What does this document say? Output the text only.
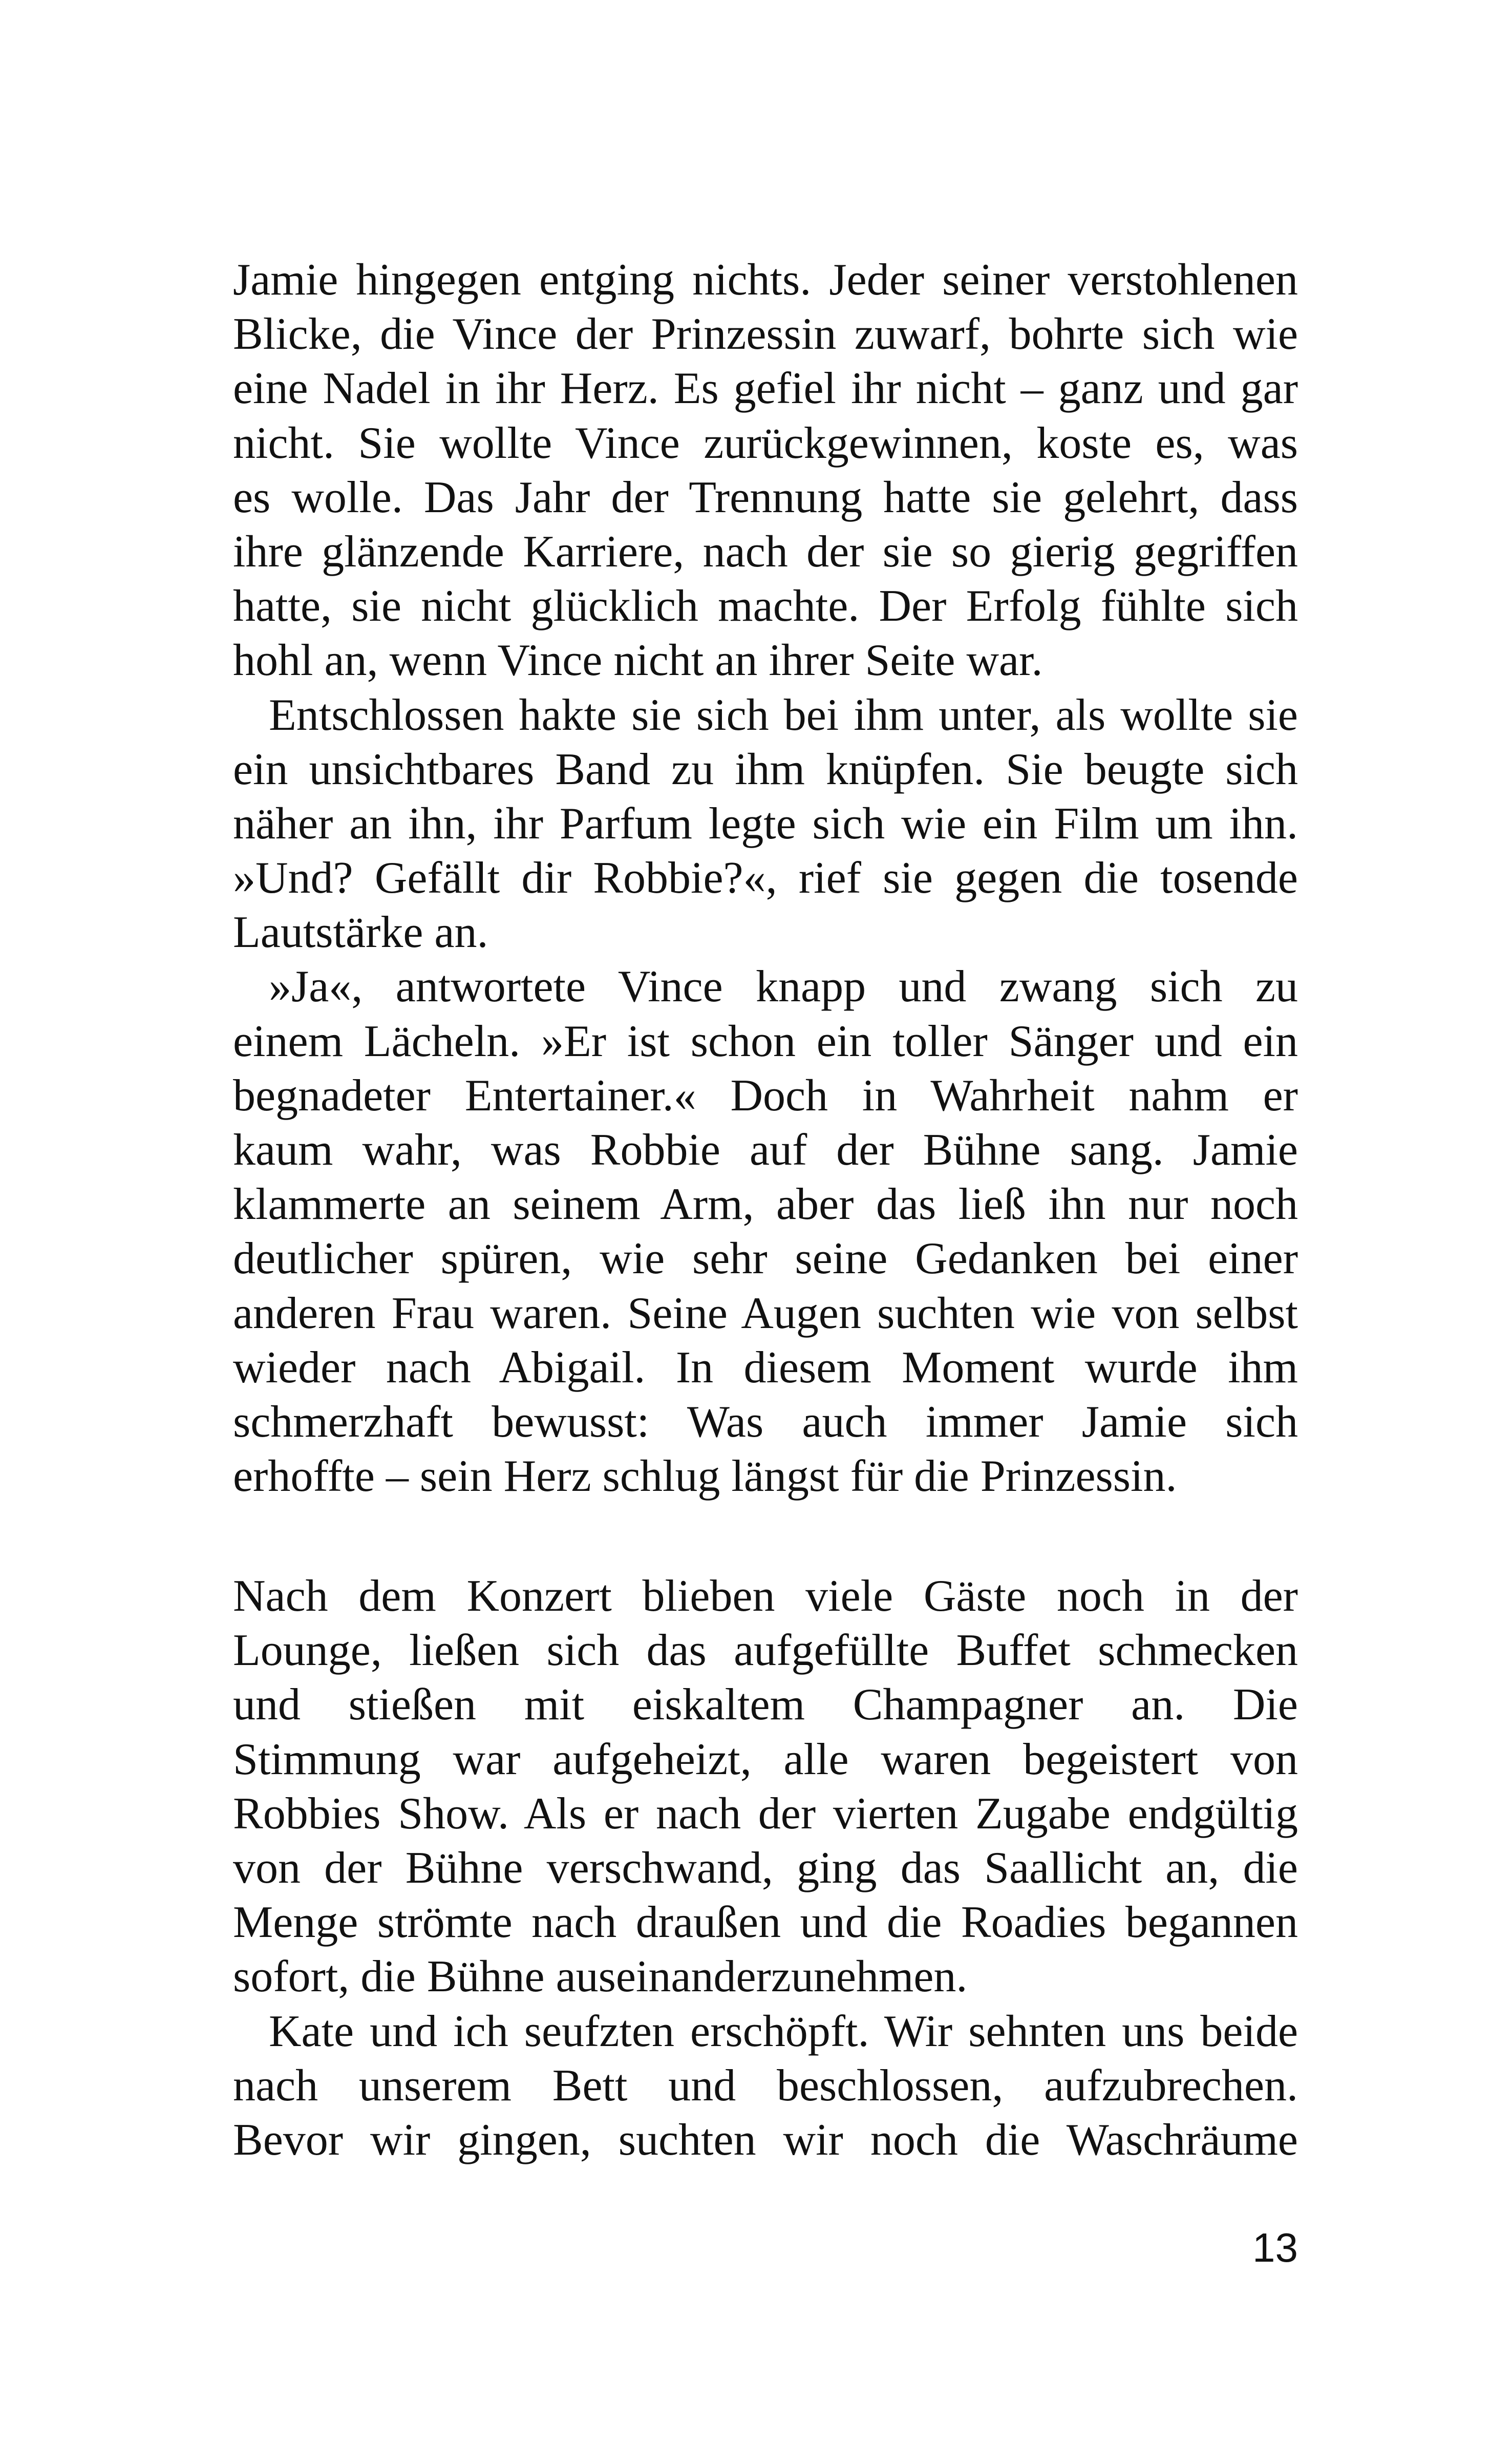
Jamie hingegen entging nichts. Jeder seiner verstohlenen
Blicke, die Vince der Prinzessin zuwarf, bohrte sich wie
eine Nadel in ihr Herz. Es gefiel ihr nicht – ganz und gar
nicht. Sie wollte Vince zurückgewinnen, koste es, was
es wolle. Das Jahr der Trennung hatte sie gelehrt, dass
ihre glänzende Karriere, nach der sie so gierig gegriffen
hatte, sie nicht glücklich machte. Der Erfolg fühlte sich
hohl an, wenn Vince nicht an ihrer Seite war.
Entschlossen hakte sie sich bei ihm unter, als wollte sie
ein unsichtbares Band zu ihm knüpfen. Sie beugte sich
näher an ihn, ihr Parfum legte sich wie ein Film um ihn.
»Und? Gefällt dir Robbie?«, rief sie gegen die tosende
Lautstärke an.
»Ja«, antwortete Vince knapp und zwang sich zu
einem Lächeln. »Er ist schon ein toller Sänger und ein
begnadeter Entertainer.« Doch in Wahrheit nahm er
kaum wahr, was Robbie auf der Bühne sang. Jamie
klammerte an seinem Arm, aber das ließ ihn nur noch
deutlicher spüren, wie sehr seine Gedanken bei einer
anderen Frau waren. Seine Augen suchten wie von selbst
wieder nach Abigail. In diesem Moment wurde ihm
schmerzhaft bewusst: Was auch immer Jamie sich
erhoffte – sein Herz schlug längst für die Prinzessin.
Nach dem Konzert blieben viele Gäste noch in der
Lounge, ließen sich das aufgefüllte Buffet schmecken
und stießen mit eiskaltem Champagner an. Die
Stimmung war aufgeheizt, alle waren begeistert von
Robbies Show. Als er nach der vierten Zugabe endgültig
von der Bühne verschwand, ging das Saallicht an, die
Menge strömte nach draußen und die Roadies begannen
sofort, die Bühne auseinanderzunehmen.
Kate und ich seufzten erschöpft. Wir sehnten uns beide
nach unserem Bett und beschlossen, aufzubrechen.
Bevor wir gingen, suchten wir noch die Waschräume
13
